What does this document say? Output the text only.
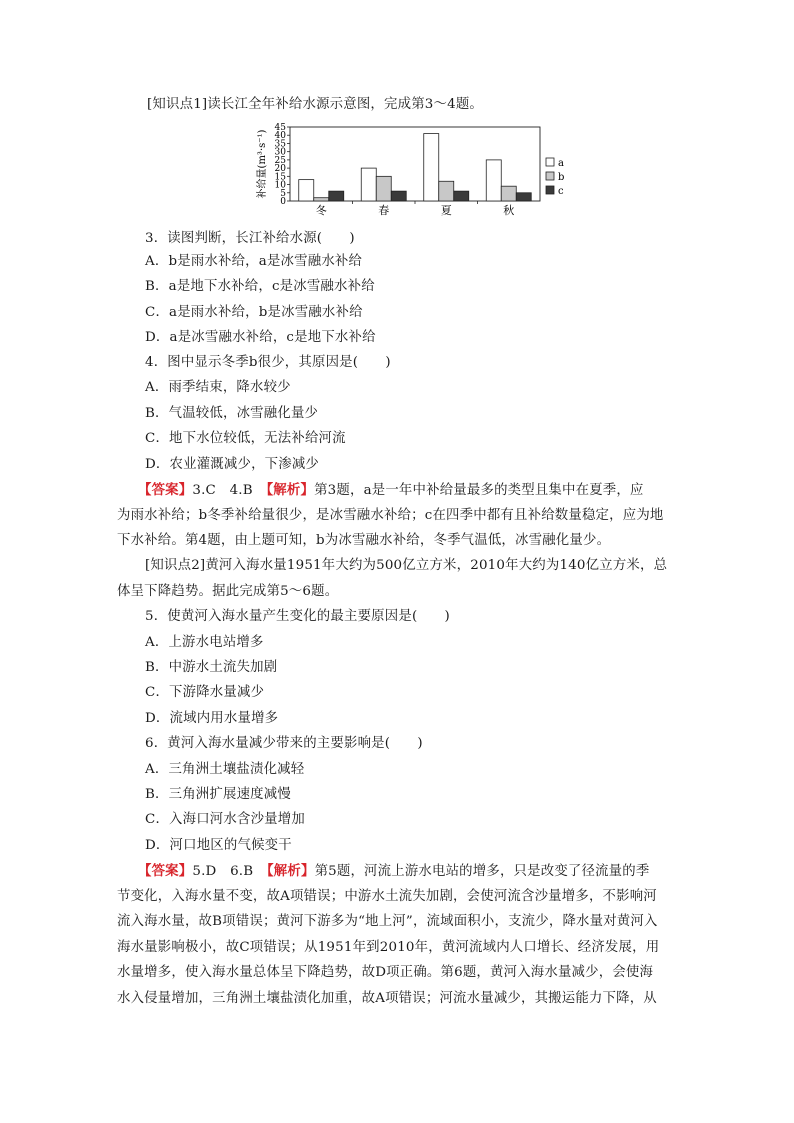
[知识点1]读长江全年补给水源示意图，完成第3～4题。
补给量(m³·s⁻¹)
0
5
10
15
20
25
30
35
40
45
冬	春	夏	秋
a
b
c
3．读图判断，长江补给水源(　　)
A．b是雨水补给，a是冰雪融水补给
B．a是地下水补给，c是冰雪融水补给
C．a是雨水补给，b是冰雪融水补给
D．a是冰雪融水补给，c是地下水补给
4．图中显示冬季b很少，其原因是(　　)
A．雨季结束，降水较少
B．气温较低，冰雪融化量少
C．地下水位较低，无法补给河流
D．农业灌溉减少，下渗减少
【答案】3.C　4.B　【解析】第3题，a是一年中补给量最多的类型且集中在夏季，应
为雨水补给；b冬季补给量很少，是冰雪融水补给；c在四季中都有且补给数量稳定，应为地
下水补给。第4题，由上题可知，b为冰雪融水补给，冬季气温低，冰雪融化量少。
[知识点2]黄河入海水量1951年大约为500亿立方米，2010年大约为140亿立方米，总
体呈下降趋势。据此完成第5～6题。
5．使黄河入海水量产生变化的最主要原因是(　　)
A．上游水电站增多
B．中游水土流失加剧
C．下游降水量减少
D．流域内用水量增多
6．黄河入海水量减少带来的主要影响是(　　)
A．三角洲土壤盐渍化减轻
B．三角洲扩展速度减慢
C．入海口河水含沙量增加
D．河口地区的气候变干
【答案】5.D　6.B　【解析】第5题，河流上游水电站的增多，只是改变了径流量的季
节变化，入海水量不变，故A项错误；中游水土流失加剧，会使河流含沙量增多，不影响河
流入海水量，故B项错误；黄河下游多为“地上河”，流域面积小，支流少，降水量对黄河入
海水量影响极小，故C项错误；从1951年到2010年，黄河流域内人口增长、经济发展，用
水量增多，使入海水量总体呈下降趋势，故D项正确。第6题，黄河入海水量减少，会使海
水入侵量增加，三角洲土壤盐渍化加重，故A项错误；河流水量减少，其搬运能力下降，从
